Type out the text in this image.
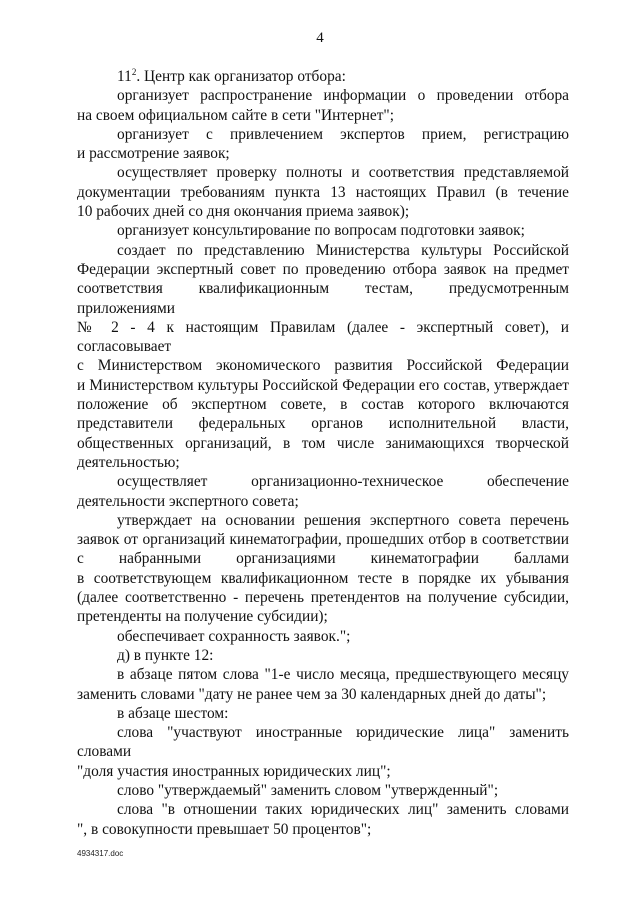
4
$11^2$. Центр как организатор отбора:
организует распространение информации о проведении отбора
на своем официальном сайте в сети "Интернет";
организует с привлечением экспертов прием, регистрацию
и рассмотрение заявок;
осуществляет проверку полноты и соответствия представляемой
документации требованиям пункта 13 настоящих Правил (в течение
10 рабочих дней со дня окончания приема заявок);
организует консультирование по вопросам подготовки заявок;
создает по представлению Министерства культуры Российской
Федерации экспертный совет по проведению отбора заявок на предмет
соответствия квалификационным тестам, предусмотренным приложениями
№ 2 - 4 к настоящим Правилам (далее - экспертный совет), и согласовывает
с Министерством экономического развития Российской Федерации
и Министерством культуры Российской Федерации его состав, утверждает
положение об экспертном совете, в состав которого включаются
представители федеральных органов исполнительной власти,
общественных организаций, в том числе занимающихся творческой
деятельностью;
осуществляет организационно-техническое обеспечение
деятельности экспертного совета;
утверждает на основании решения экспертного совета перечень
заявок от организаций кинематографии, прошедших отбор в соответствии
с набранными организациями кинематографии баллами
в соответствующем квалификационном тесте в порядке их убывания
(далее соответственно - перечень претендентов на получение субсидии,
претенденты на получение субсидии);
обеспечивает сохранность заявок.";
д) в пункте 12:
в абзаце пятом слова "1-е число месяца, предшествующего месяцу
заменить словами "дату не ранее чем за 30 календарных дней до даты";
в абзаце шестом:
слова "участвуют иностранные юридические лица" заменить словами
"доля участия иностранных юридических лиц";
слово "утверждаемый" заменить словом "утвержденный";
слова "в отношении таких юридических лиц" заменить словами
", в совокупности превышает 50 процентов";
4934317.doc
